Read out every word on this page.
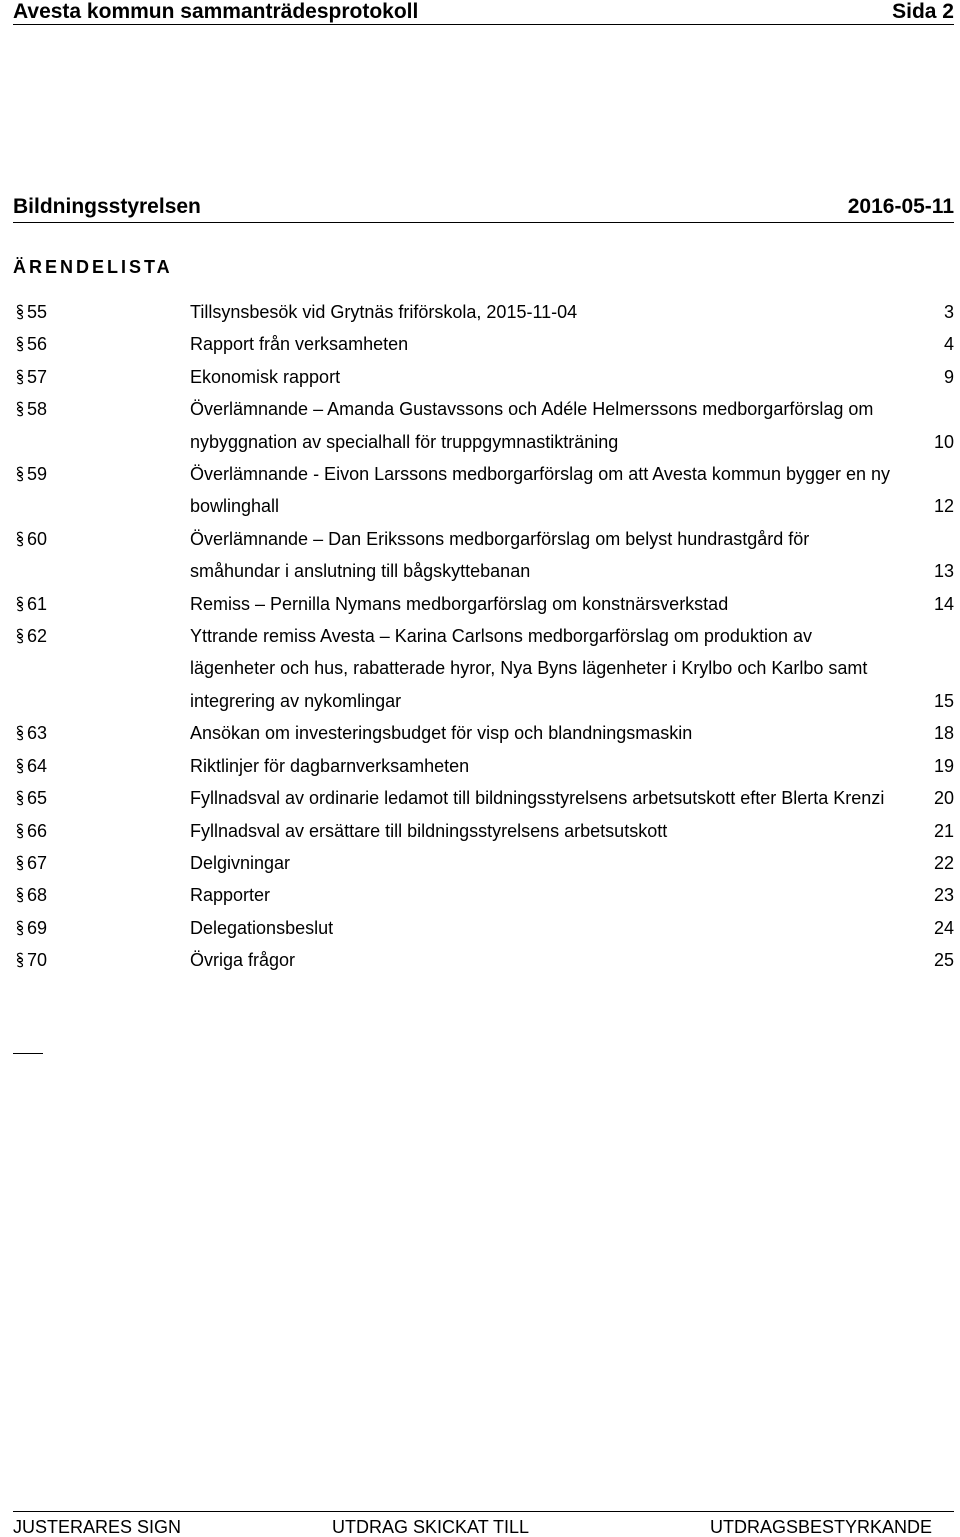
Avesta kommun sammanträdesprotokoll	Sida 2
Bildningsstyrelsen	2016-05-11
ÄRENDELISTA
55	Tillsynsbesök vid Grytnäs friförskola, 2015-11-04	3
56	Rapport från verksamheten	4
57	Ekonomisk rapport	9
58	Överlämnande – Amanda Gustavssons och Adéle Helmerssons medborgarförslag om nybyggnation av specialhall för truppgymnastikträning	10
59	Överlämnande - Eivon Larssons medborgarförslag om att Avesta kommun bygger en ny bowlinghall	12
60	Överlämnande – Dan Erikssons medborgarförslag om belyst hundrastgård för småhundar i anslutning till bågskyttebanan	13
61	Remiss – Pernilla Nymans medborgarförslag om konstnärsverkstad	14
62	Yttrande remiss Avesta – Karina Carlsons medborgarförslag om produktion av lägenheter och hus, rabatterade hyror, Nya Byns lägenheter i Krylbo och Karlbo samt integrering av nykomlingar	15
63	Ansökan om investeringsbudget för visp och blandningsmaskin	18
64	Riktlinjer för dagbarnverksamheten	19
65	Fyllnadsval av ordinarie ledamot till bildningsstyrelsens arbetsutskott efter Blerta Krenzi	20
66	Fyllnadsval av ersättare till bildningsstyrelsens arbetsutskott	21
67	Delgivningar	22
68	Rapporter	23
69	Delegationsbeslut	24
70	Övriga frågor	25
JUSTERARES SIGN	UTDRAG SKICKAT TILL	UTDRAGSBESTYRKANDE
